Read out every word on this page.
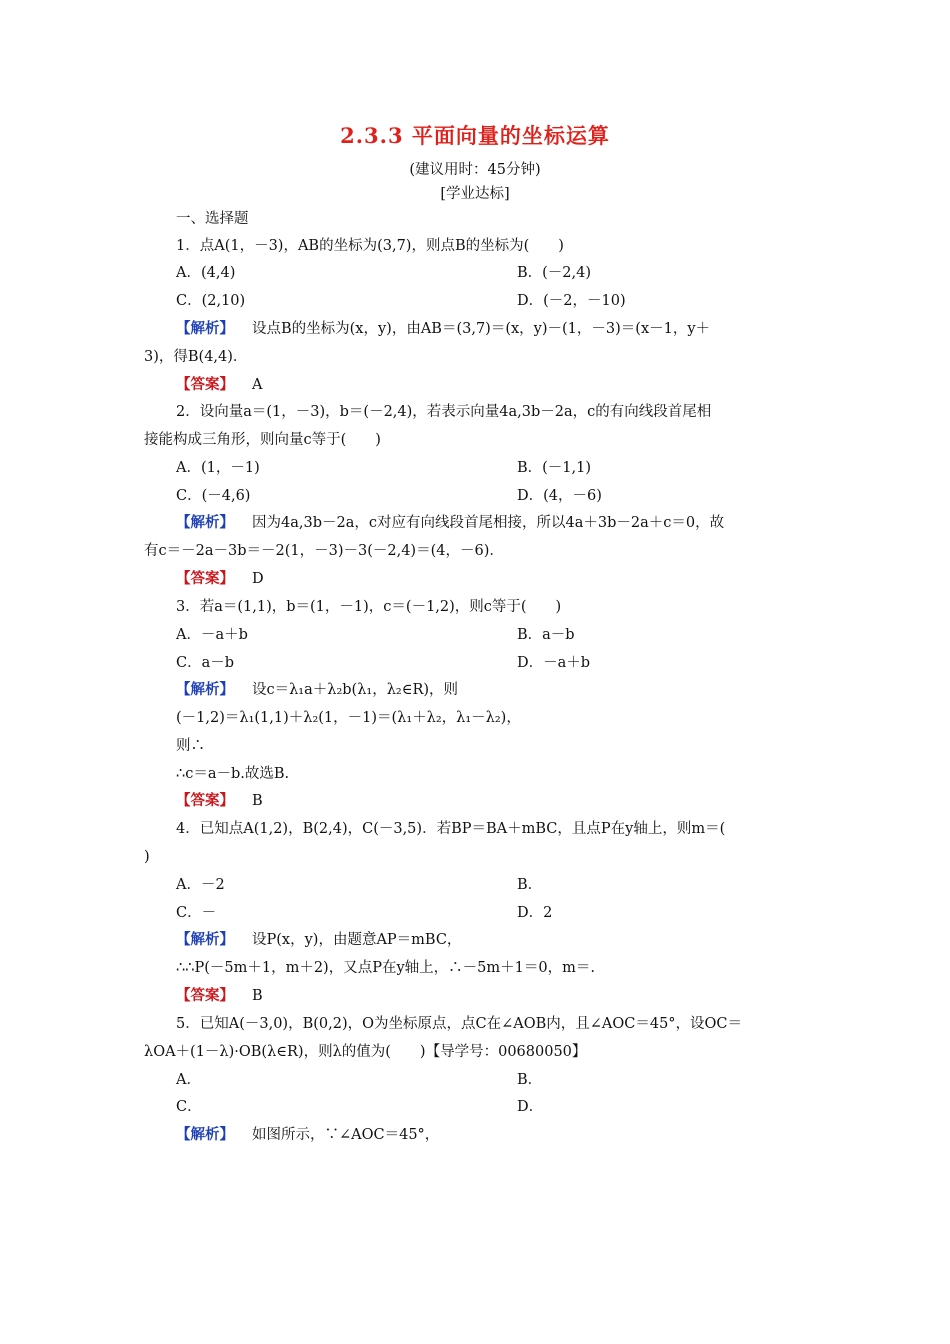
2.3.3 平面向量的坐标运算
(建议用时：45分钟)
[学业达标]
一、选择题
1．点A(1，－3)，AB的坐标为(3,7)，则点B的坐标为(　　)
A．(4,4)	B．(－2,4)
C．(2,10)	D．(－2，－10)
【解析】 设点B的坐标为(x，y)，由AB＝(3,7)＝(x，y)－(1，－3)＝(x－1，y＋
3)，得B(4,4)．
【答案】 A
2．设向量a＝(1，－3)，b＝(－2,4)，若表示向量4a,3b－2a，c的有向线段首尾相
接能构成三角形，则向量c等于(　　)
A．(1，－1)	B．(－1,1)
C．(－4,6)	D．(4，－6)
【解析】 因为4a,3b－2a，c对应有向线段首尾相接，所以4a＋3b－2a＋c＝0，故
有c＝－2a－3b＝－2(1，－3)－3(－2,4)＝(4，－6)．
【答案】 D
3．若a＝(1,1)，b＝(1，－1)，c＝(－1,2)，则c等于(　　)
A．－a＋b	B．a－b
C．a－b	D．－a＋b
【解析】 设c＝λ₁a＋λ₂b(λ₁，λ₂∈R)，则
(－1,2)＝λ₁(1,1)＋λ₂(1，－1)＝(λ₁＋λ₂，λ₁－λ₂)，
则∴
∴c＝a－b.故选B.
【答案】 B
4．已知点A(1,2)，B(2,4)，C(－3,5)．若BP＝BA＋mBC，且点P在y轴上，则m＝(
)
A．－2	B．
C．－	D．2
【解析】 设P(x，y)，由题意AP＝mBC，
∴∴P(－5m＋1，m＋2)，又点P在y轴上，∴－5m＋1＝0，m＝.
【答案】 B
5．已知A(－3,0)，B(0,2)，O为坐标原点，点C在∠AOB内，且∠AOC＝45°，设OC＝
λOA＋(1－λ)·OB(λ∈R)，则λ的值为(　　)【导学号：00680050】
A．	B．
C．	D．
【解析】 如图所示，∵∠AOC＝45°，
